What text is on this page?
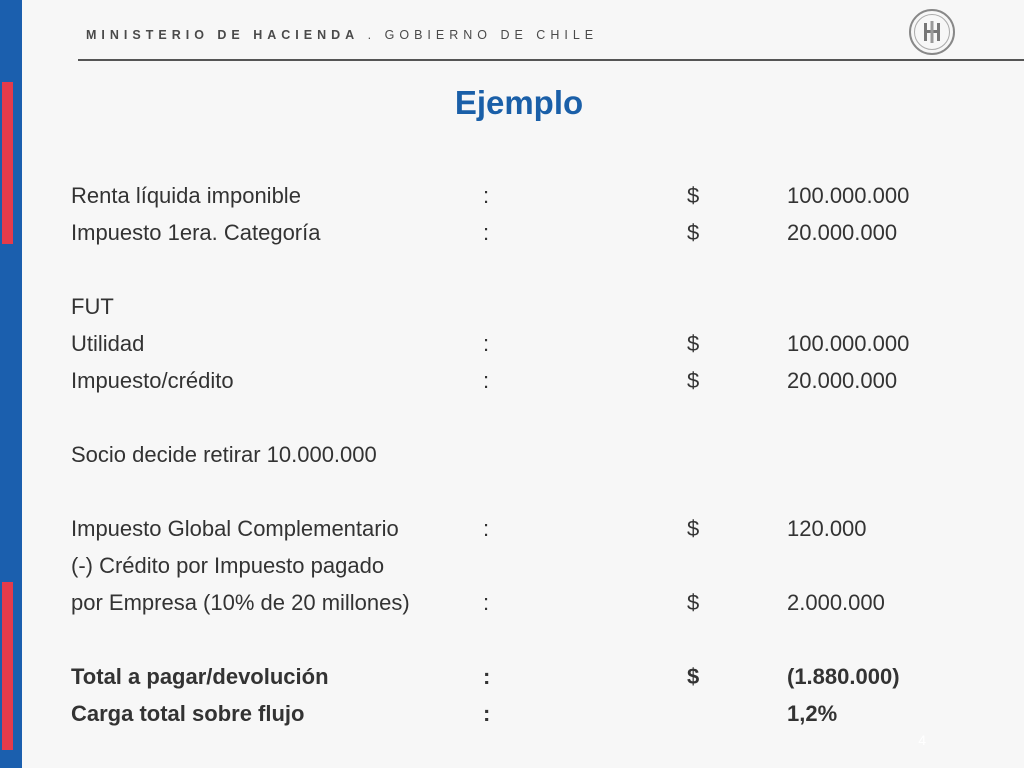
MINISTERIO DE HACIENDA . GOBIERNO DE CHILE
Ejemplo
Renta líquida imponible	:	$	100.000.000
Impuesto 1era. Categoría	:	$	20.000.000
FUT
Utilidad	:	$	100.000.000
Impuesto/crédito	:	$	20.000.000
Socio decide retirar 10.000.000
Impuesto Global Complementario	:	$	120.000
(-) Crédito por Impuesto pagado
por Empresa (10% de 20 millones)	:	$	2.000.000
Total a pagar/devolución	:	$	(1.880.000)
Carga total sobre flujo	:	1,2%
4
